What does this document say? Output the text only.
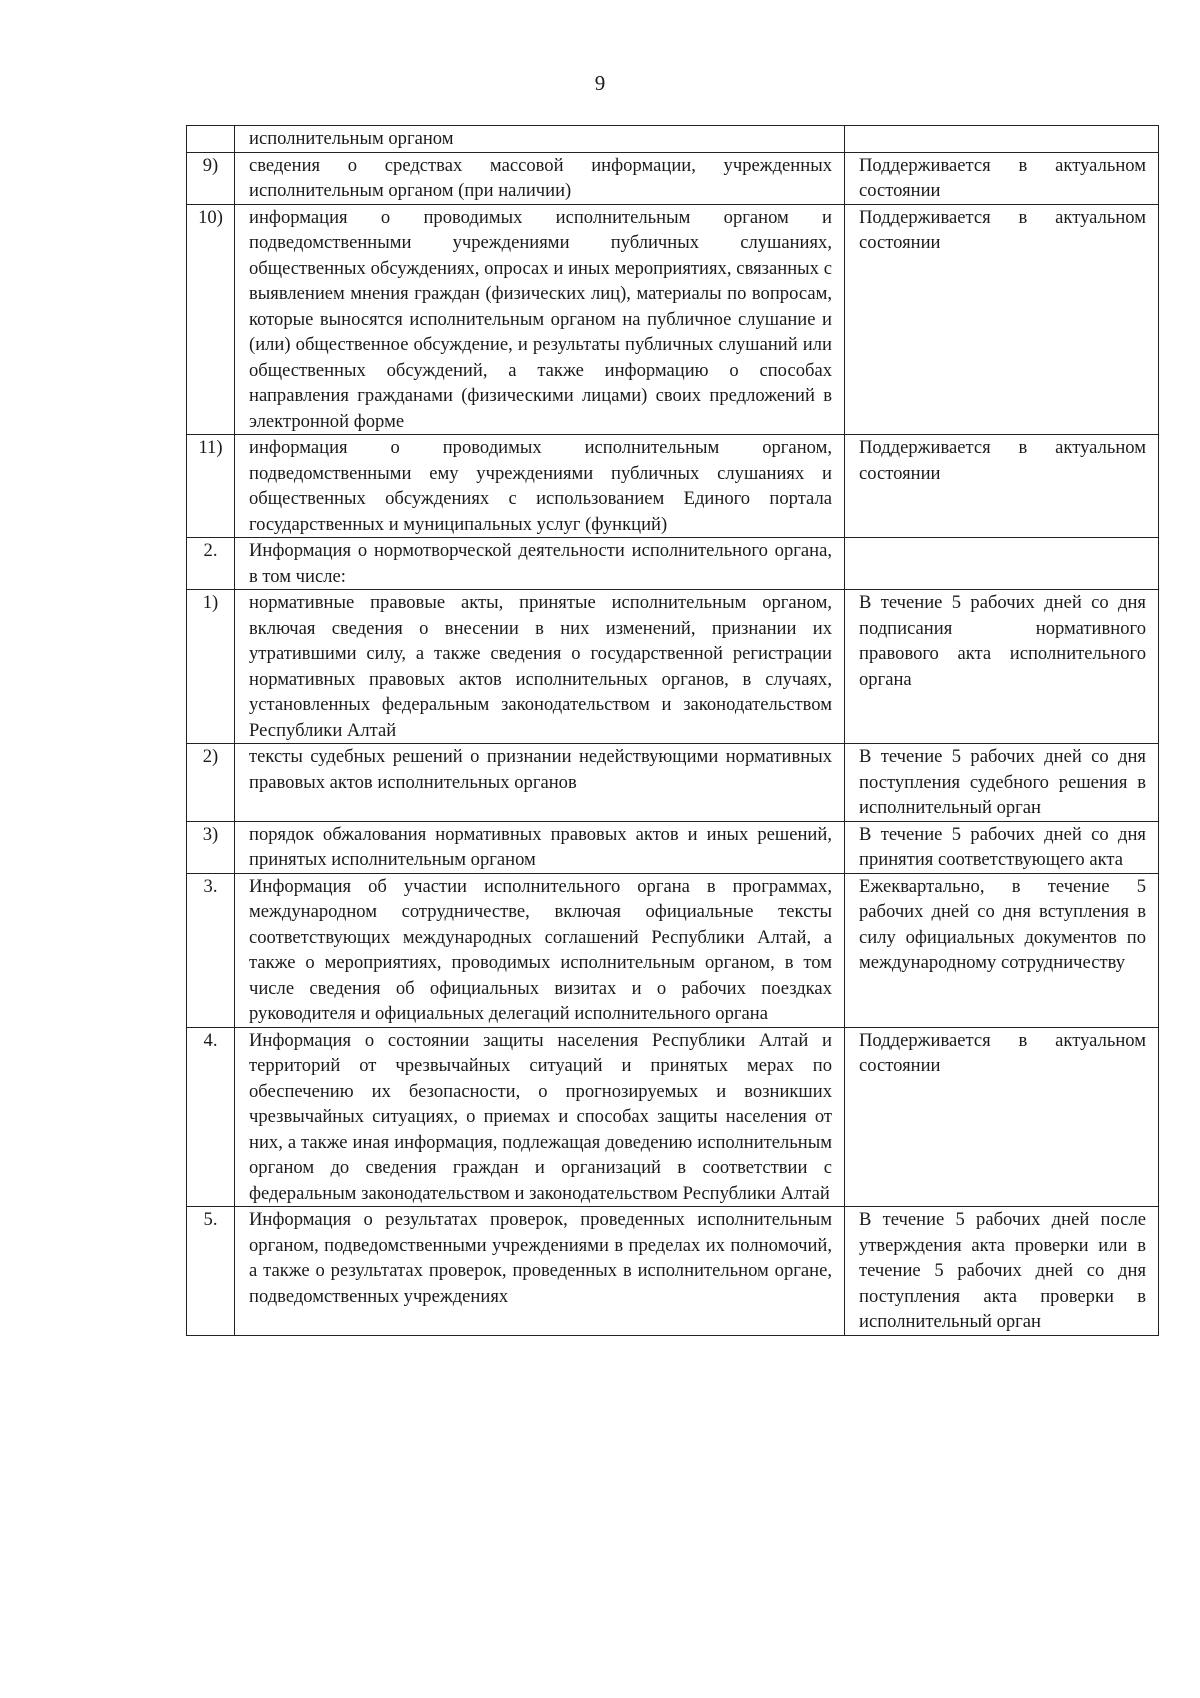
9
	исполнительным органом	
9)	сведения о средствах массовой информации, учрежденных исполнительным органом (при наличии)	Поддерживается в актуальном состоянии
10)	информация о проводимых исполнительным органом и подведомственными учреждениями публичных слушаниях, общественных обсуждениях, опросах и иных мероприятиях, связанных с выявлением мнения граждан (физических лиц), материалы по вопросам, которые выносятся исполнительным органом на публичное слушание и (или) общественное обсуждение, и результаты публичных слушаний или общественных обсуждений, а также информацию о способах направления гражданами (физическими лицами) своих предложений в электронной форме	Поддерживается в актуальном состоянии
11)	информация о проводимых исполнительным органом, подведомственными ему учреждениями публичных слушаниях и общественных обсуждениях с использованием Единого портала государственных и муниципальных услуг (функций)	Поддерживается в актуальном состоянии
2.	Информация о нормотворческой деятельности исполнительного органа, в том числе:	
1)	нормативные правовые акты, принятые исполнительным органом, включая сведения о внесении в них изменений, признании их утратившими силу, а также сведения о государственной регистрации нормативных правовых актов исполнительных органов, в случаях, установленных федеральным законодательством и законодательством Республики Алтай	В течение 5 рабочих дней со дня подписания нормативного правового акта исполнительного органа
2)	тексты судебных решений о признании недействующими нормативных правовых актов исполнительных органов	В течение 5 рабочих дней со дня поступления судебного решения в исполнительный орган
3)	порядок обжалования нормативных правовых актов и иных решений, принятых исполнительным органом	В течение 5 рабочих дней со дня принятия соответствующего акта
3.	Информация об участии исполнительного органа в программах, международном сотрудничестве, включая официальные тексты соответствующих международных соглашений Республики Алтай, а также о мероприятиях, проводимых исполнительным органом, в том числе сведения об официальных визитах и о рабочих поездках руководителя и официальных делегаций исполнительного органа	Ежеквартально, в течение 5 рабочих дней со дня вступления в силу официальных документов по международному сотрудничеству
4.	Информация о состоянии защиты населения Республики Алтай и территорий от чрезвычайных ситуаций и принятых мерах по обеспечению их безопасности, о прогнозируемых и возникших чрезвычайных ситуациях, о приемах и способах защиты населения от них, а также иная информация, подлежащая доведению исполнительным органом до сведения граждан и организаций в соответствии с федеральным законодательством и законодательством Республики Алтай	Поддерживается в актуальном состоянии
5.	Информация о результатах проверок, проведенных исполнительным органом, подведомственными учреждениями в пределах их полномочий, а также о результатах проверок, проведенных в исполнительном органе, подведомственных учреждениях	В течение 5 рабочих дней после утверждения акта проверки или в течение 5 рабочих дней со дня поступления акта проверки в исполнительный орган
